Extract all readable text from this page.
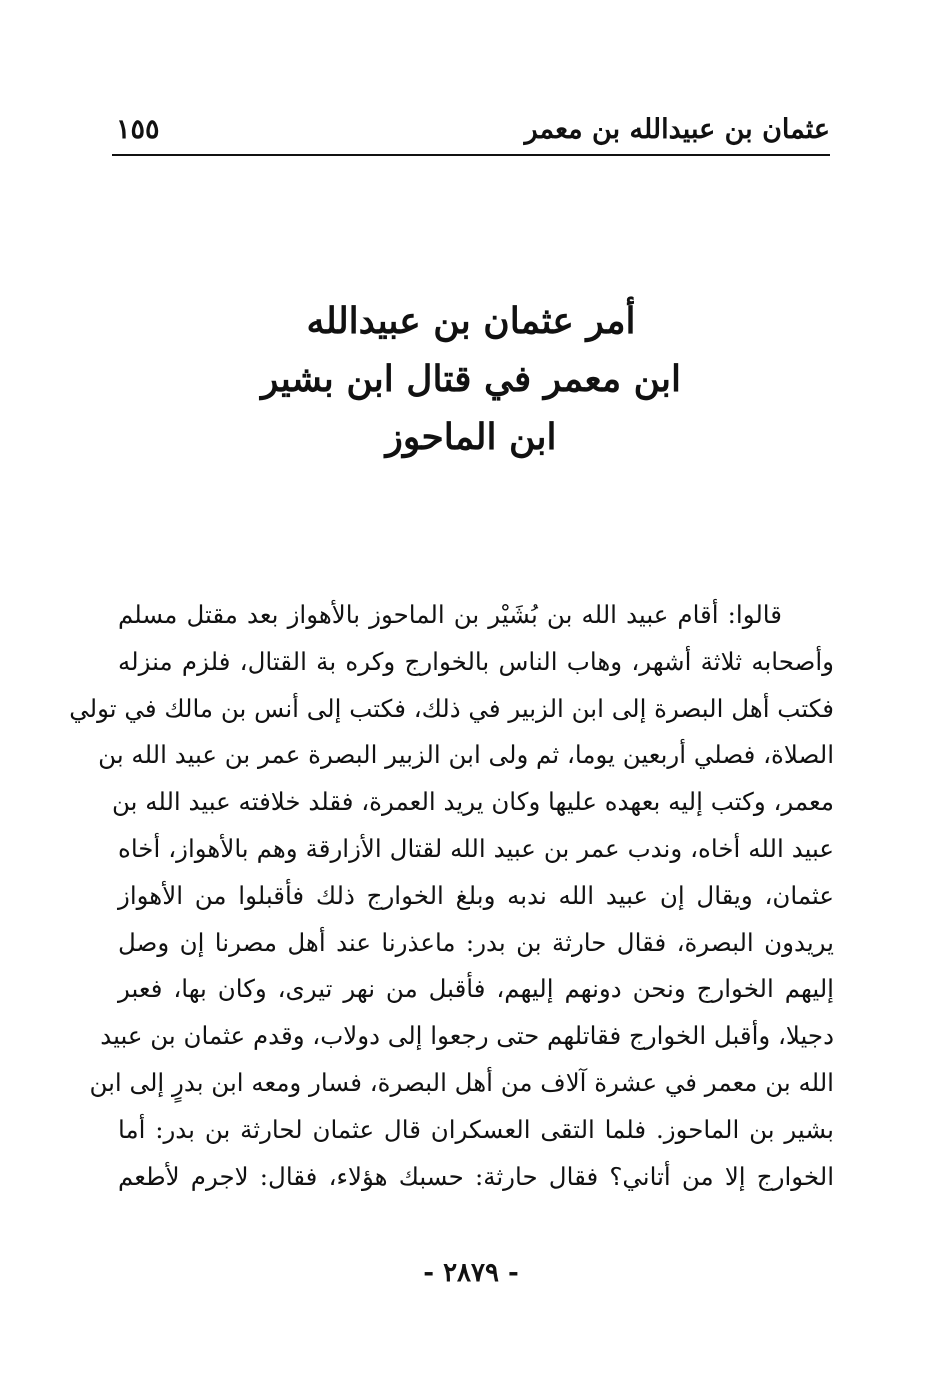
عثمان بن عبيدالله بن معمر
١٥٥
أمر عثمان بن عبيدالله
ابن معمر في قتال ابن بشير
ابن الماحوز
قالوا: أقام عبيد الله بن بُشَيْر بن الماحوز بالأهواز بعد مقتل مسلم
وأصحابه ثلاثة أشهر، وهاب الناس بالخوارج وكره بة القتال، فلزم منزله
فكتب أهل البصرة إلى ابن الزبير في ذلك، فكتب إلى أنس بن مالك في تولي
الصلاة، فصلي أربعين يوما، ثم ولى ابن الزبير البصرة عمر بن عبيد الله بن
معمر، وكتب إليه بعهده عليها وكان يريد العمرة، فقلد خلافته عبيد الله بن
عبيد الله أخاه، وندب عمر بن عبيد الله لقتال الأزارقة وهم بالأهواز، أخاه
عثمان، ويقال إن عبيد الله ندبه وبلغ الخوارج ذلك فأقبلوا من الأهواز
يريدون البصرة، فقال حارثة بن بدر: ماعذرنا عند أهل مصرنا إن وصل
إليهم الخوارج ونحن دونهم إليهم، فأقبل من نهر تيرى، وكان بها، فعبر
دجيلا، وأقبل الخوارج فقاتلهم حتى رجعوا إلى دولاب، وقدم عثمان بن عبيد
الله بن معمر في عشرة آلاف من أهل البصرة، فسار ومعه ابن بدرٍ إلى ابن
بشير بن الماحوز. فلما التقى العسكران قال عثمان لحارثة بن بدر: أما
الخوارج إلا من أتاني؟ فقال حارثة: حسبك هؤلاء، فقال: لاجرم لأطعم
- ٢٨٧٩ -
